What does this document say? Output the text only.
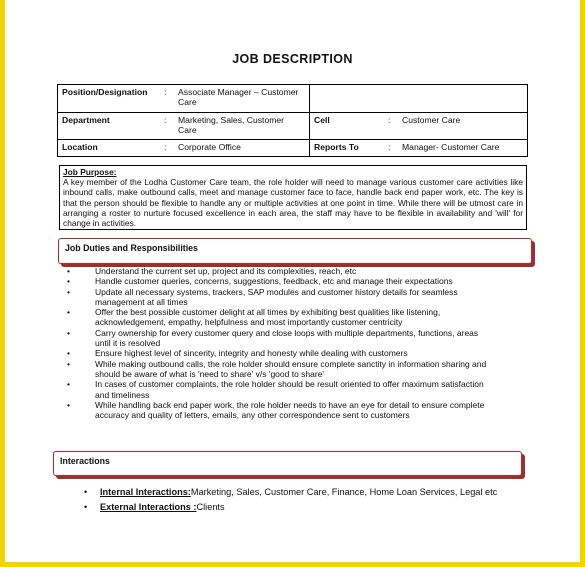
JOB DESCRIPTION
Position/Designation : Associate Manager – Customer Care	

Department : Marketing, Sales, Customer Care	Cell : Customer Care

Location : Corporate Office	Reports To : Manager- Customer Care
Job Purpose:
A key member of the Lodha Customer Care team, the role holder will need to manage various customer care activities like inbound calls, make outbound calls, meet and manage customer face to face, handle back end paper work, etc. The key is that the person should be flexible to handle any or multiple activities at one point in time. While there will be utmost care in arranging a roster to nurture focused excellence in each area, the staff may have to be flexible in availability and 'will' for change in activities.
Job Duties and Responsibilities
• Understand the current set up, project and its complexities, reach, etc
• Handle customer queries, concerns, suggestions, feedback, etc and manage their expectations
• Update all necessary systems, trackers, SAP modules and customer history details for seamless management at all times
• Offer the best possible customer delight at all times by exhibiting best qualities like listening, acknowledgement, empathy, helpfulness and most importantly customer centricity
• Carry ownership for every customer query and close loops with multiple departments, functions, areas until it is resolved
• Ensure highest level of sincerity, integrity and honesty while dealing with customers
• While making outbound calls, the role holder should ensure complete sanctity in information sharing and should be aware of what is 'need to share' v/s 'good to share'
• In cases of customer complaints, the role holder should be result oriented to offer maximum satisfaction and timeliness
• While handling back end paper work, the role holder needs to have an eye for detail to ensure complete accuracy and quality of letters, emails, any other correspondence sent to customers
Interactions
• Internal Interactions:Marketing, Sales, Customer Care, Finance, Home Loan Services, Legal etc
• External Interactions :Clients
